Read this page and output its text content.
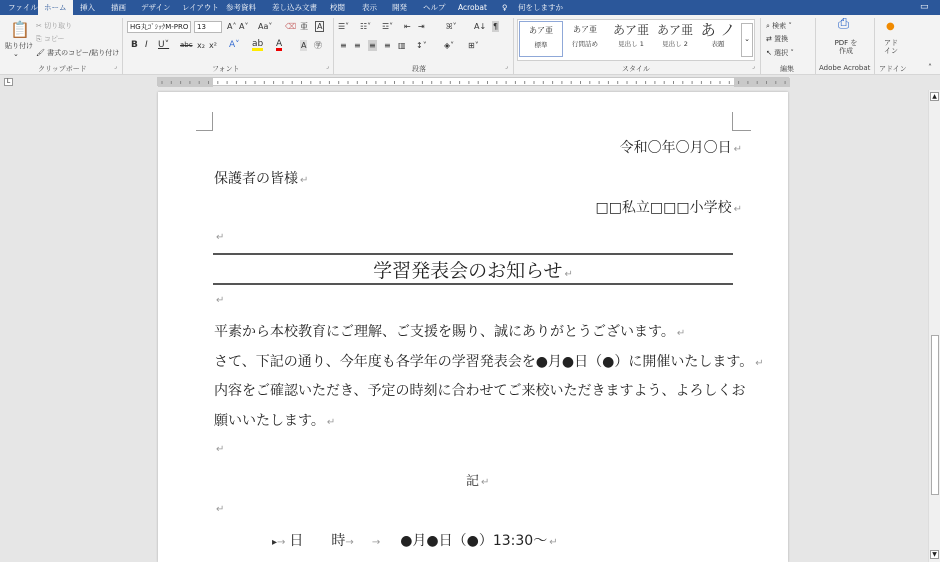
ファイル ホーム	挿入 描画 デザイン レイアウト 参考資料 差し込み文書 校閲 表示 開発 ヘルプ Acrobat ♀ 何をしますか	▭
📋
貼り付け
⌄
✂ 切り取り
⎘ コピー
🖌 書式のコピー/貼り付け
クリップボード	⌟
HG丸ｺﾞｼｯｸM-PRO	13	A˄ A˅ Aa˅ ⌫ 亜 A
B I U˅ abc x₂ x² A˅ ab A A ㊫
フォント	⌟
☰˅ ☷˅ ☲˅ ⇤ ⇥	ꕤ˅ A↓ ¶
≡ ≡ ≡ ≡ ▥ ↕˅ ◈˅ ⊞˅
段落	⌟
あア亜
標準
あア亜
行間詰め
あア亜
見出し 1
あア亜
見出し 2
あ ノ
表題
⌄
スタイル	⌟
⌕ 検索 ˅
⇄ 置換
↖ 選択 ˅
編集
⎙
PDF を作成
Adobe Acrobat
●
アド イン
アドイン	˄
L
令和〇年〇月〇日 ↵
保護者の皆様 ↵
□□私立□□□小学校 ↵
↵
学習発表会のお知らせ ↵
↵
平素から本校教育にご理解、ご支援を賜り、誠にありがとうございます。 ↵
さて、下記の通り、今年度も各学年の学習発表会を●月●日（●）に開催いたします。 ↵
内容をご確認いただき、予定の時刻に合わせてご来校いただきますよう、よろしくお
願いいたします。 ↵
↵
記 ↵
↵
▸→ 日　　時→ → ●月●日（●）13:30〜 ↵
▲
▼
